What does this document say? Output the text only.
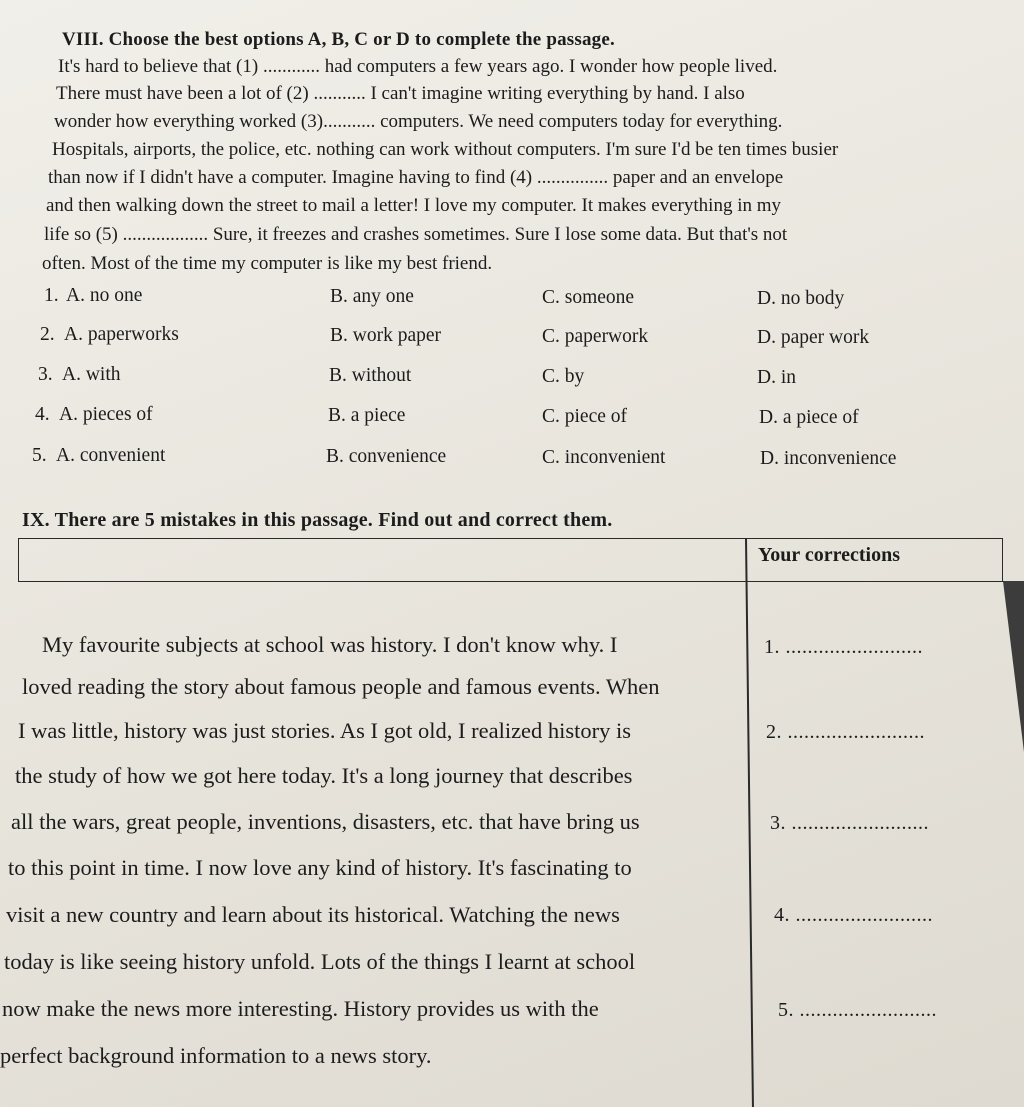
VIII. Choose the best options A, B, C or D to complete the passage.
It's hard to believe that (1) ............ had computers a few years ago. I wonder how people lived.
There must have been a lot of (2) ........... I can't imagine writing everything by hand. I also
wonder how everything worked (3)........... computers. We need computers today for everything.
Hospitals, airports, the police, etc. nothing can work without computers. I'm sure I'd be ten times busier
than now if I didn't have a computer. Imagine having to find (4) ............... paper and an envelope
and then walking down the street to mail a letter! I love my computer. It makes everything in my
life so (5) .................. Sure, it freezes and crashes sometimes. Sure I lose some data. But that's not
often. Most of the time my computer is like my best friend.
1. A. no one	B. any one	C. someone	D. no body
2. A. paperworks	B. work paper	C. paperwork	D. paper work
3. A. with	B. without	C. by	D. in
4. A. pieces of	B. a piece	C. piece of	D. a piece of
5. A. convenient	B. convenience	C. inconvenient	D. inconvenience
IX. There are 5 mistakes in this passage. Find out and correct them.
Your corrections
My favourite subjects at school was history. I don't know why. I
loved reading the story about famous people and famous events. When
I was little, history was just stories. As I got old, I realized history is
the study of how we got here today. It's a long journey that describes
all the wars, great people, inventions, disasters, etc. that have bring us
to this point in time. I now love any kind of history. It's fascinating to
visit a new country and learn about its historical. Watching the news
today is like seeing history unfold. Lots of the things I learnt at school
now make the news more interesting. History provides us with the
perfect background information to a news story.
1. .........................
2. .........................
3. .........................
4. .........................
5. .........................
